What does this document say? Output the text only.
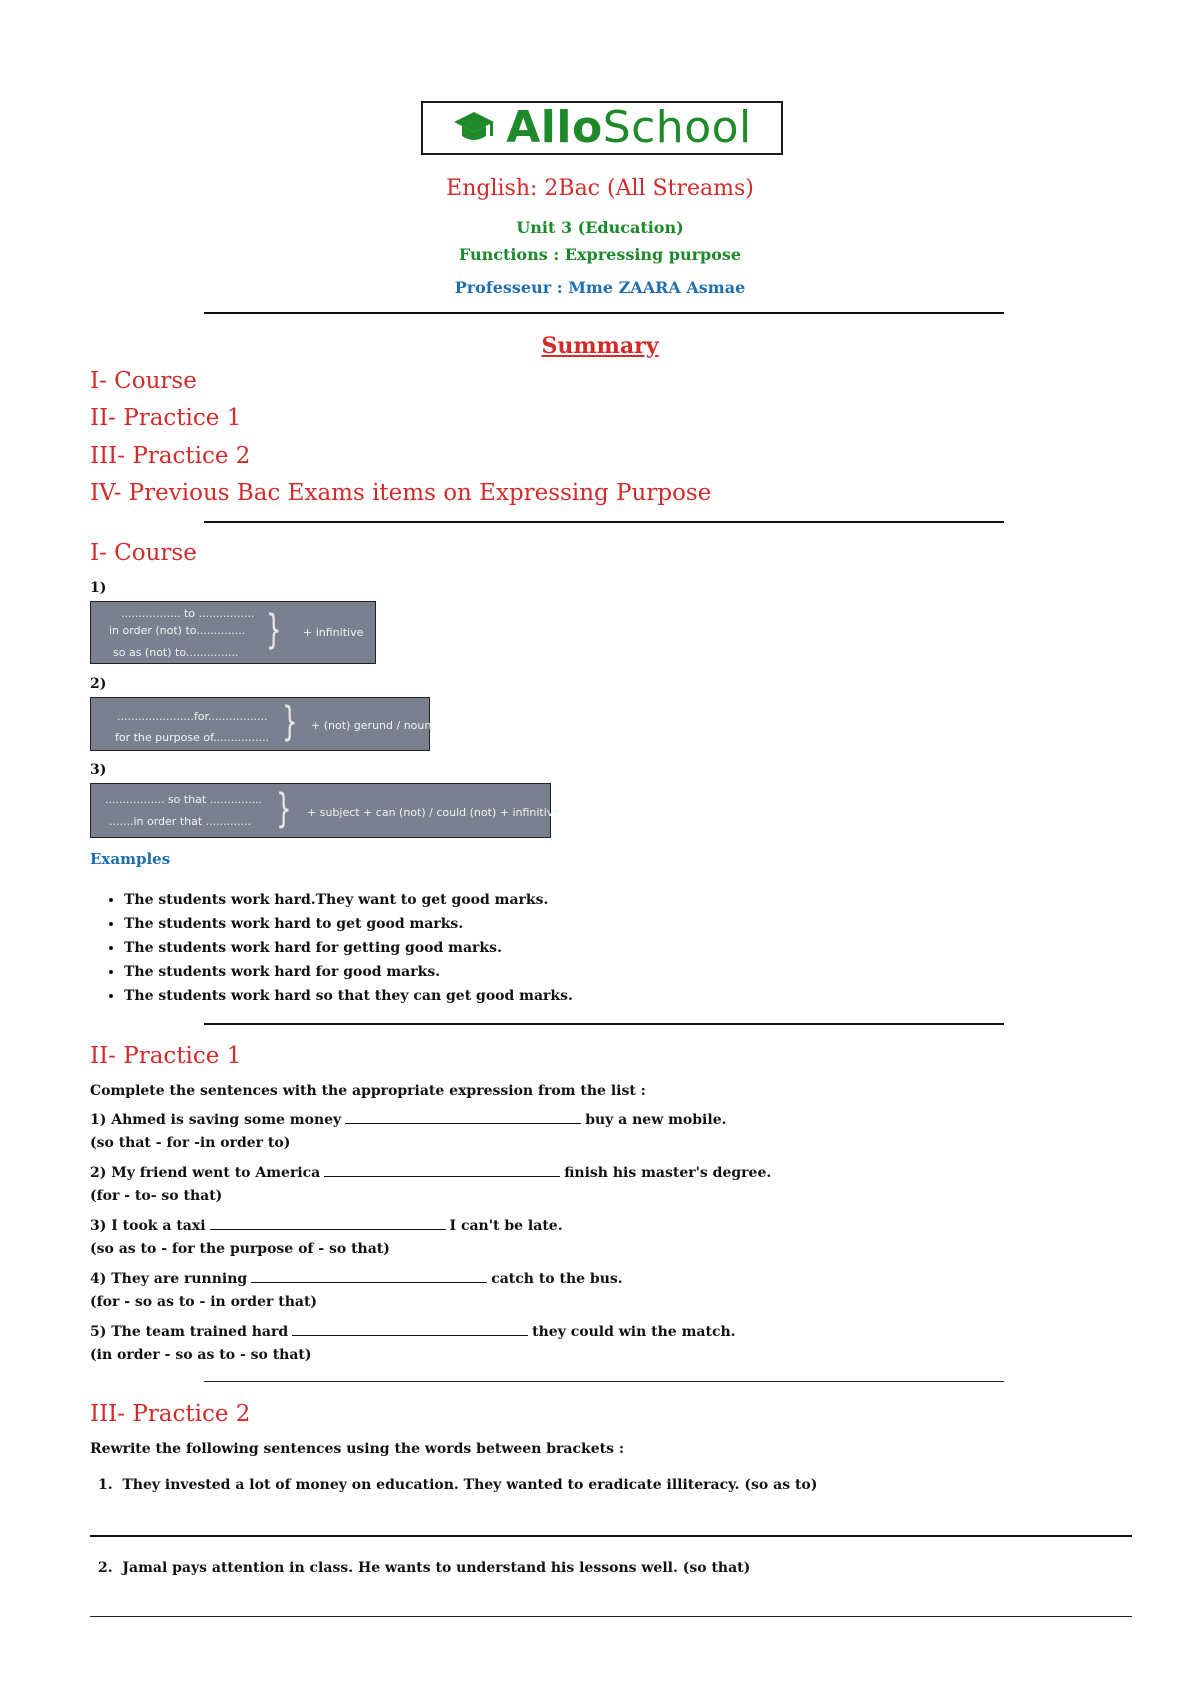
AlloSchool
English: 2Bac (All Streams)
Unit 3 (Education)
Functions : Expressing purpose
Professeur : Mme ZAARA Asmae
Summary
I- Course
II- Practice 1
III- Practice 2
IV- Previous Bac Exams items on Expressing Purpose
I- Course
1)
................. to ................
in order (not) to..............
so as (not) to............... } + infinitive
2)
......................for.................
for the purpose of................ } + (not) gerund / noun
3)
................. so that ...............
.......in order that ............. } + subject + can (not) / could (not) + infinitive
Examples
• The students work hard.They want to get good marks.
• The students work hard to get good marks.
• The students work hard for getting good marks.
• The students work hard for good marks.
• The students work hard so that they can get good marks.
II- Practice 1
Complete the sentences with the appropriate expression from the list :
1) Ahmed is saving some money	buy a new mobile.
(so that - for -in order to)
2) My friend went to America	finish his master's degree.
(for - to- so that)
3) I took a taxi	I can't be late.
(so as to - for the purpose of - so that)
4) They are running	catch to the bus.
(for - so as to - in order that)
5) The team trained hard	they could win the match.
(in order - so as to - so that)
III- Practice 2
Rewrite the following sentences using the words between brackets :
1. They invested a lot of money on education. They wanted to eradicate illiteracy. (so as to)
2. Jamal pays attention in class. He wants to understand his lessons well. (so that)
